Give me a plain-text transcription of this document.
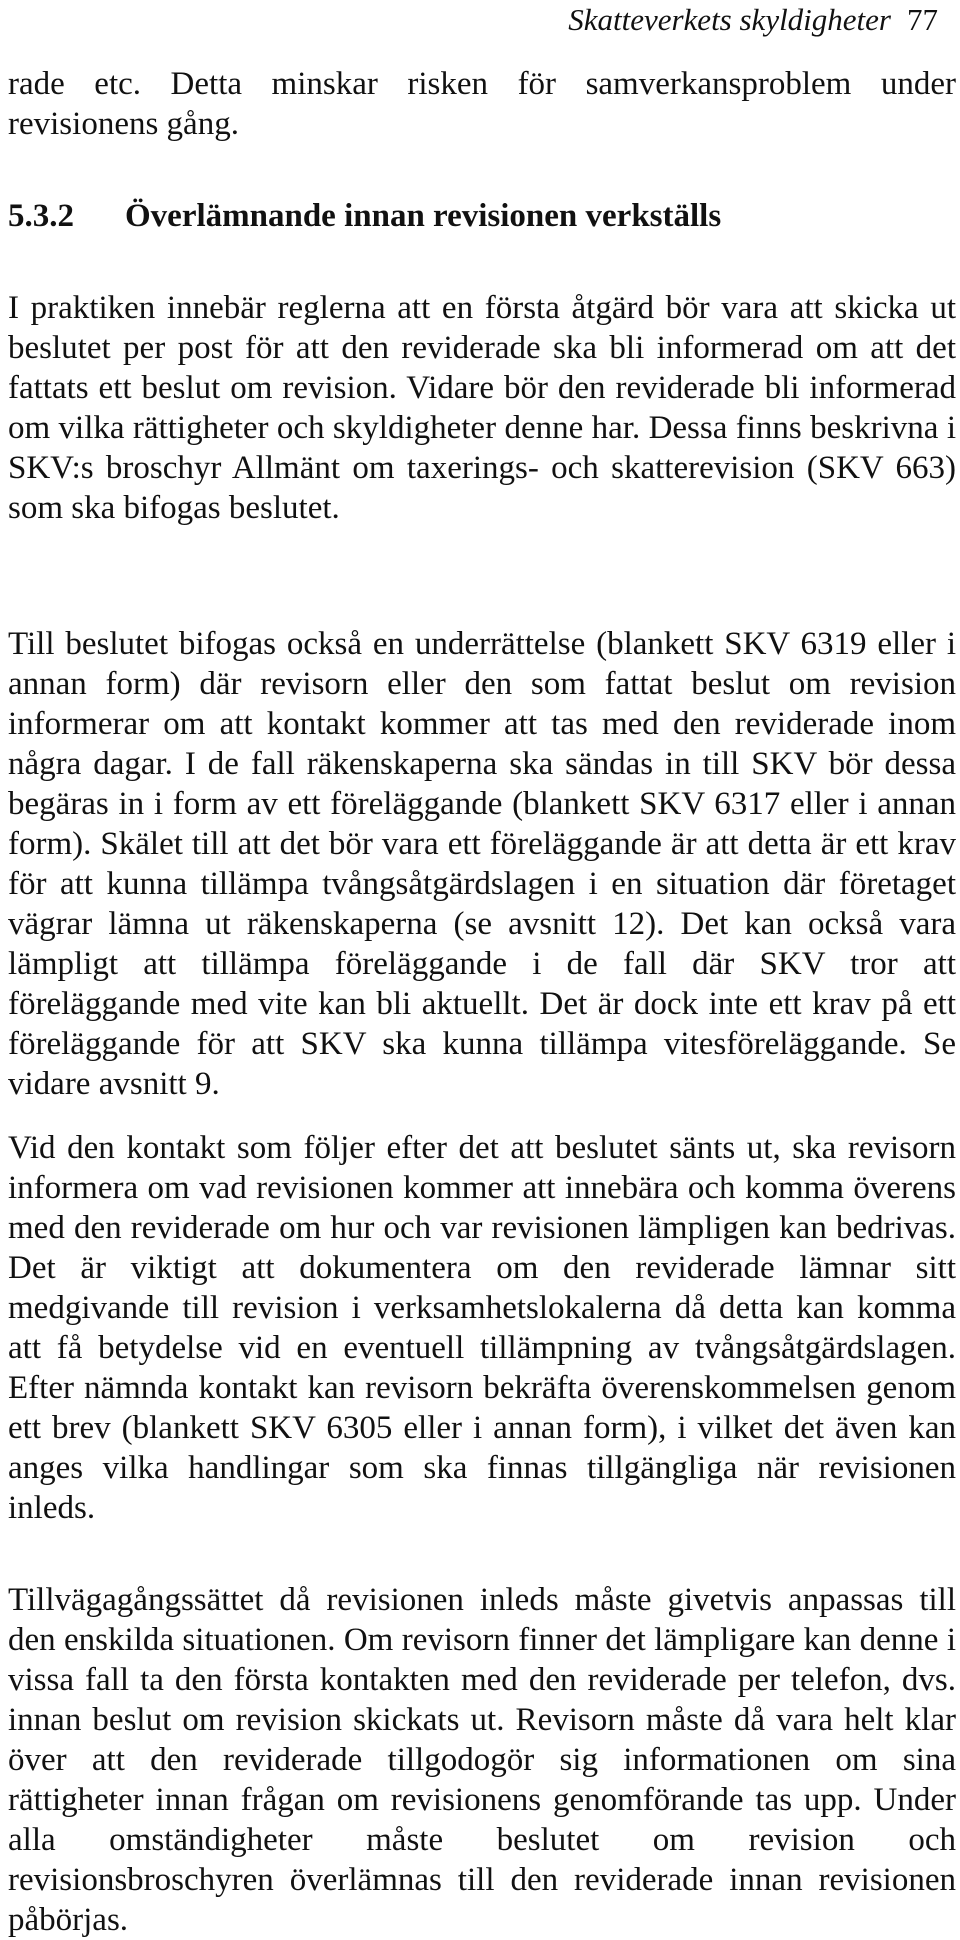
Skatteverkets skyldigheter 77

rade etc. Detta minskar risken för samverkansproblem under revisionens gång.

5.3.2 Överlämnande innan revisionen verkställs

I praktiken innebär reglerna att en första åtgärd bör vara att skicka ut beslutet per post för att den reviderade ska bli informerad om att det fattats ett beslut om revision. Vidare bör den reviderade bli informerad om vilka rättigheter och skyldigheter denne har. Dessa finns beskrivna i SKV:s broschyr Allmänt om taxerings- och skatterevision (SKV 663) som ska bifogas beslutet.

Till beslutet bifogas också en underrättelse (blankett SKV 6319 eller i annan form) där revisorn eller den som fattat beslut om revision informerar om att kontakt kommer att tas med den reviderade inom några dagar. I de fall räkenskaperna ska sändas in till SKV bör dessa begäras in i form av ett föreläggande (blankett SKV 6317 eller i annan form). Skälet till att det bör vara ett föreläggande är att detta är ett krav för att kunna tillämpa tvångsåtgärdslagen i en situation där företaget vägrar lämna ut räkenskaperna (se avsnitt 12). Det kan också vara lämpligt att tillämpa föreläggande i de fall där SKV tror att föreläggande med vite kan bli aktuellt. Det är dock inte ett krav på ett föreläggande för att SKV ska kunna tillämpa vitesföreläggande. Se vidare avsnitt 9.

Vid den kontakt som följer efter det att beslutet sänts ut, ska revisorn informera om vad revisionen kommer att innebära och komma överens med den reviderade om hur och var revisionen lämpligen kan bedrivas. Det är viktigt att dokumentera om den reviderade lämnar sitt medgivande till revision i verksamhetslokalerna då detta kan komma att få betydelse vid en eventuell tillämpning av tvångsåtgärdslagen. Efter nämnda kontakt kan revisorn bekräfta överenskommelsen genom ett brev (blankett SKV 6305 eller i annan form), i vilket det även kan anges vilka handlingar som ska finnas tillgängliga när revisionen inleds.

Tillvägagångssättet då revisionen inleds måste givetvis anpassas till den enskilda situationen. Om revisorn finner det lämpligare kan denne i vissa fall ta den första kontakten med den reviderade per telefon, dvs. innan beslut om revision skickats ut. Revisorn måste då vara helt klar över att den reviderade tillgodogör sig informationen om sina rättigheter innan frågan om revisionens genomförande tas upp. Under alla omständigheter måste beslutet om revision och revisionsbroschyren överlämnas till den reviderade innan revisionen påbörjas.
